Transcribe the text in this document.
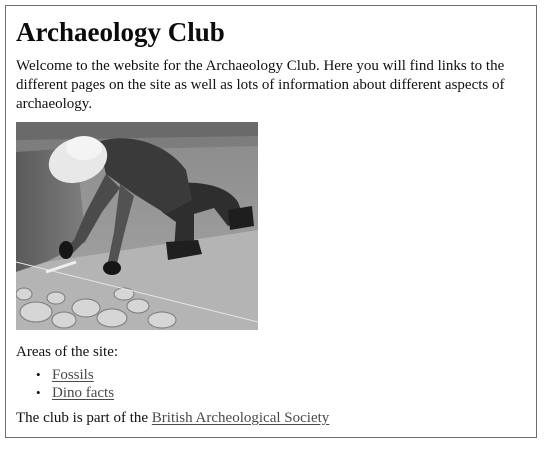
Archaeology Club

Welcome to the website for the Archaeology Club. Here you will find links to the different pages on the site as well as lots of information about different aspects of archaeology.

Areas of the site:

• Fossils
• Dino facts

The club is part of the British Archeological Society
